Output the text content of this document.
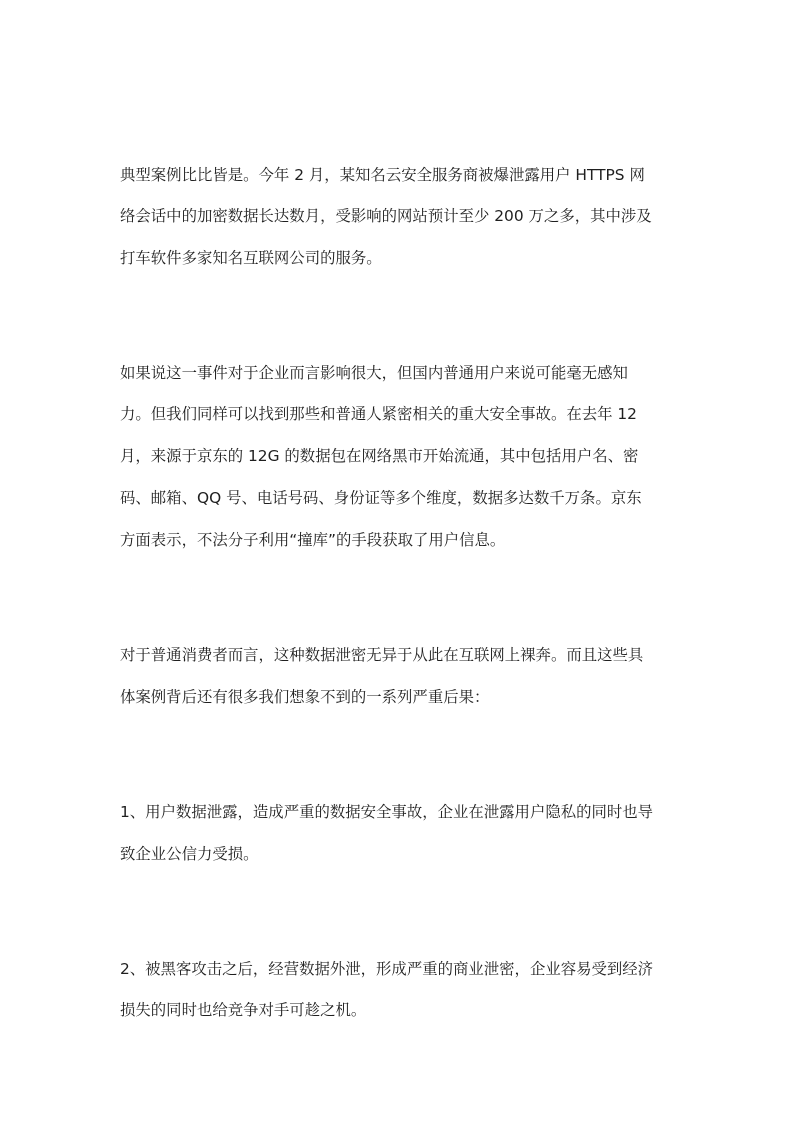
典型案例比比皆是。今年 2 月，某知名云安全服务商被爆泄露用户 HTTPS 网
络会话中的加密数据长达数月，受影响的网站预计至少 200 万之多，其中涉及
打车软件多家知名互联网公司的服务。
如果说这一事件对于企业而言影响很大，但国内普通用户来说可能毫无感知
力。但我们同样可以找到那些和普通人紧密相关的重大安全事故。在去年 12
月，来源于京东的 12G 的数据包在网络黑市开始流通，其中包括用户名、密
码、邮箱、QQ 号、电话号码、身份证等多个维度，数据多达数千万条。京东
方面表示，不法分子利用“撞库”的手段获取了用户信息。
对于普通消费者而言，这种数据泄密无异于从此在互联网上裸奔。而且这些具
体案例背后还有很多我们想象不到的一系列严重后果：
1、用户数据泄露，造成严重的数据安全事故，企业在泄露用户隐私的同时也导
致企业公信力受损。
2、被黑客攻击之后，经营数据外泄，形成严重的商业泄密，企业容易受到经济
损失的同时也给竞争对手可趁之机。
